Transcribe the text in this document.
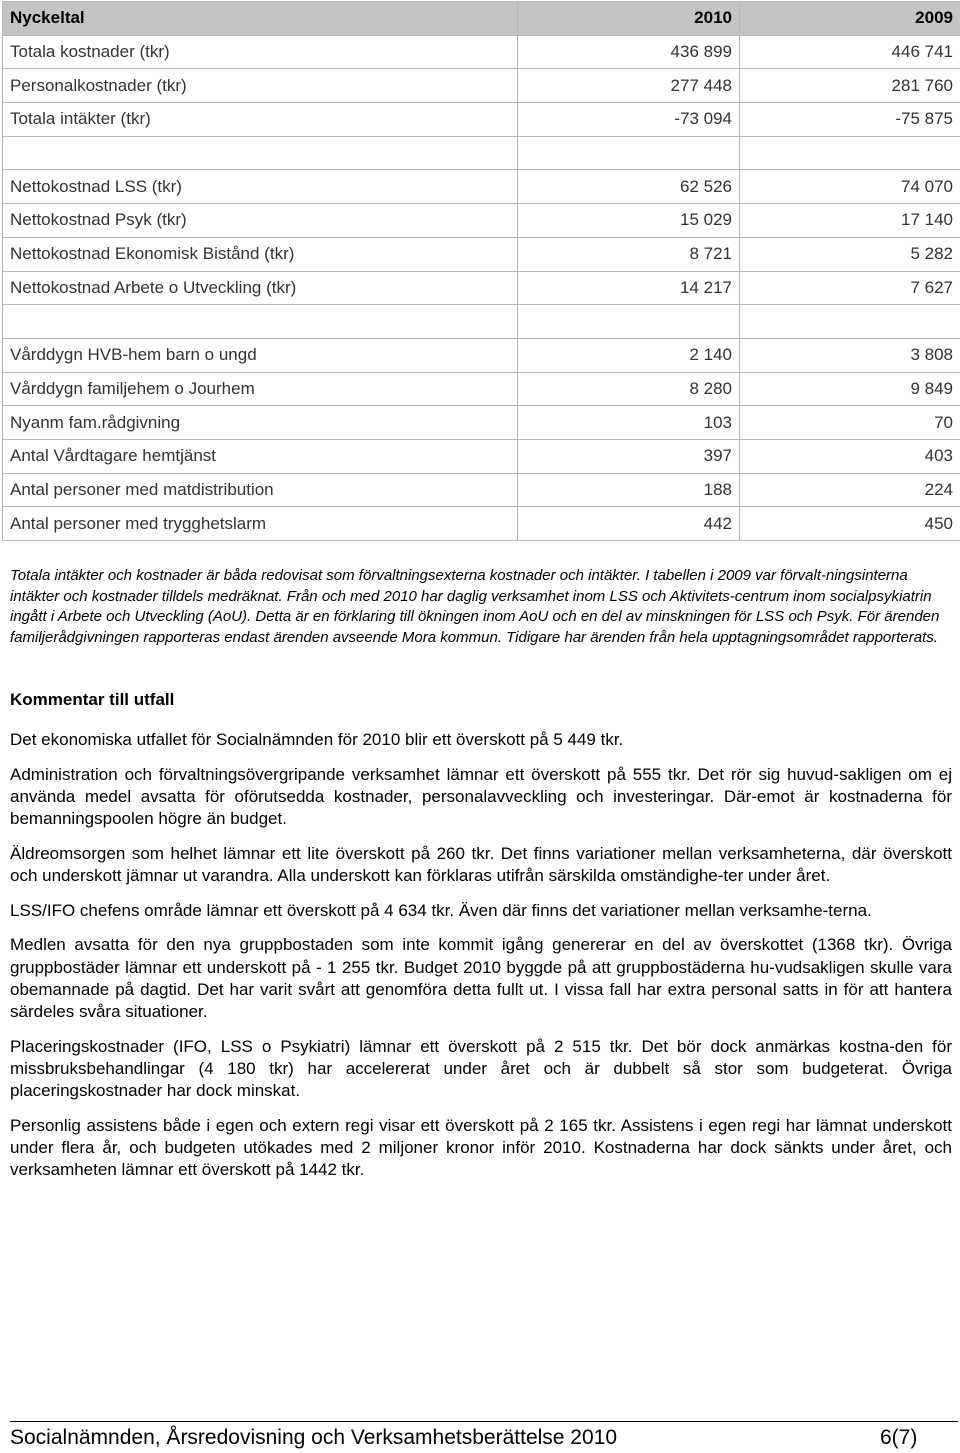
Nyckeltal	2010	2009
Totala kostnader (tkr)	436 899	446 741
Personalkostnader (tkr)	277 448	281 760
Totala intäkter (tkr)	-73 094	-75 875

Nettokostnad LSS (tkr)	62 526	74 070
Nettokostnad Psyk (tkr)	15 029	17 140
Nettokostnad Ekonomisk Bistånd (tkr)	8 721	5 282
Nettokostnad Arbete o Utveckling (tkr)	14 217	7 627

Vårddygn HVB-hem barn o ungd	2 140	3 808
Vårddygn familjehem o Jourhem	8 280	9 849
Nyanm fam.rådgivning	103	70
Antal Vårdtagare hemtjänst	397	403
Antal personer med matdistribution	188	224
Antal personer med trygghetslarm	442	450

Totala intäkter och kostnader är båda redovisat som förvaltningsexterna kostnader och intäkter. I tabellen i 2009 var förvalt-ningsinterna intäkter och kostnader tilldels medräknat. Från och med 2010 har daglig verksamhet inom LSS och Aktivitets-centrum inom socialpsykiatrin ingått i Arbete och Utveckling (AoU). Detta är en förklaring till ökningen inom AoU och en del av minskningen för LSS och Psyk. För ärenden familjerådgivningen rapporteras endast ärenden avseende Mora kommun. Tidigare har ärenden från hela upptagningsområdet rapporterats.

Kommentar till utfall

Det ekonomiska utfallet för Socialnämnden för 2010 blir ett överskott på 5 449 tkr.

Administration och förvaltningsövergripande verksamhet lämnar ett överskott på 555 tkr. Det rör sig huvud-sakligen om ej använda medel avsatta för oförutsedda kostnader, personalavveckling och investeringar. Där-emot är kostnaderna för bemanningspoolen högre än budget.

Äldreomsorgen som helhet lämnar ett lite överskott på 260 tkr. Det finns variationer mellan verksamheterna, där överskott och underskott jämnar ut varandra. Alla underskott kan förklaras utifrån särskilda omständighe-ter under året.

LSS/IFO chefens område lämnar ett överskott på 4 634 tkr. Även där finns det variationer mellan verksamhe-terna.

Medlen avsatta för den nya gruppbostaden som inte kommit igång genererar en del av överskottet (1368 tkr). Övriga gruppbostäder lämnar ett underskott på - 1 255 tkr. Budget 2010 byggde på att gruppbostäderna hu-vudsakligen skulle vara obemannade på dagtid. Det har varit svårt att genomföra detta fullt ut. I vissa fall har extra personal satts in för att hantera särdeles svåra situationer.

Placeringskostnader (IFO, LSS o Psykiatri) lämnar ett överskott på 2 515 tkr. Det bör dock anmärkas kostna-den för missbruksbehandlingar (4 180 tkr) har accelererat under året och är dubbelt så stor som budgeterat. Övriga placeringskostnader har dock minskat.

Personlig assistens både i egen och extern regi visar ett överskott på 2 165 tkr. Assistens i egen regi har lämnat underskott under flera år, och budgeten utökades med 2 miljoner kronor inför 2010. Kostnaderna har dock sänkts under året, och verksamheten lämnar ett överskott på 1442 tkr.

Socialnämnden, Årsredovisning och Verksamhetsberättelse 2010	6(7)
